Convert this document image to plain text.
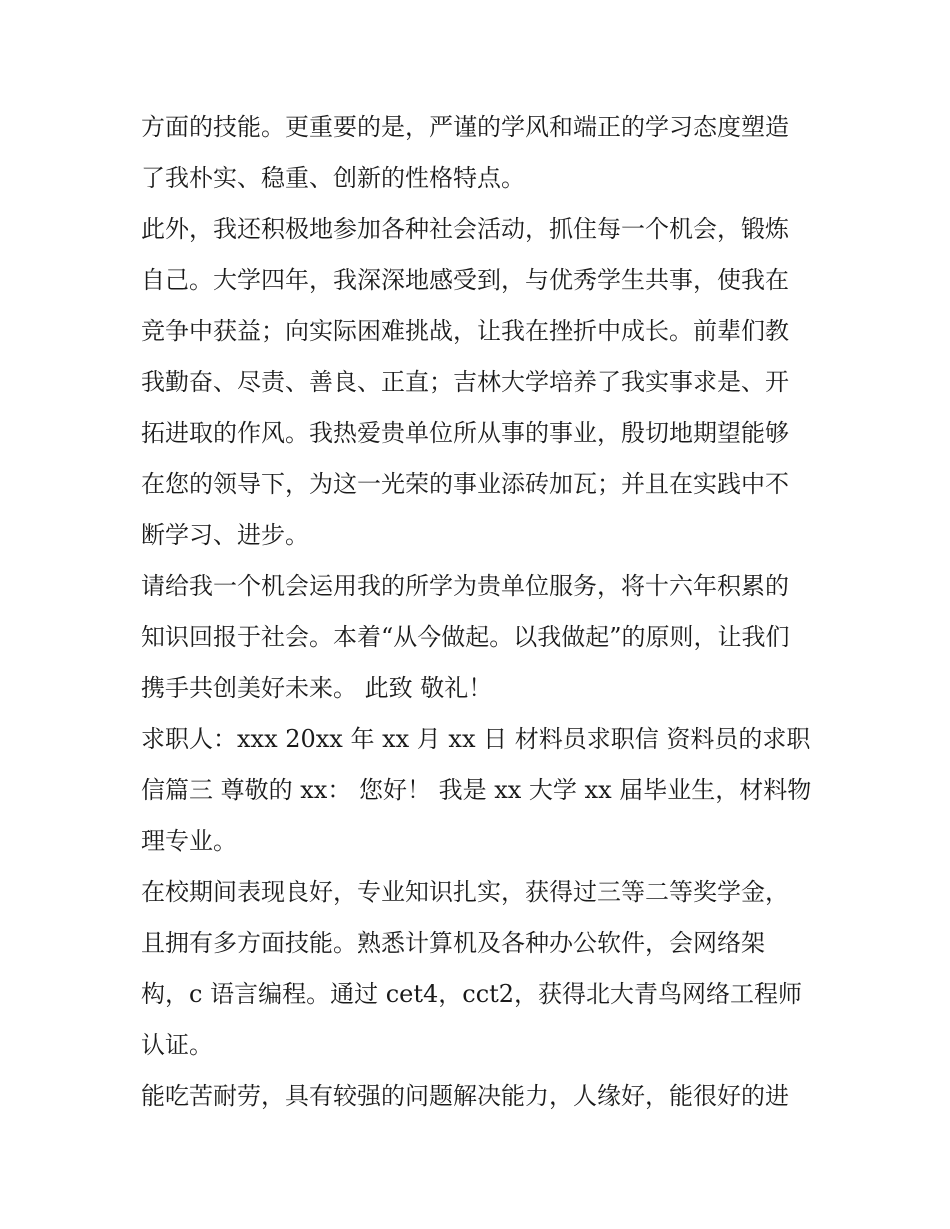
方面的技能。更重要的是，严谨的学风和端正的学习态度塑造
了我朴实、稳重、创新的性格特点。
此外，我还积极地参加各种社会活动，抓住每一个机会，锻炼
自己。大学四年，我深深地感受到，与优秀学生共事，使我在
竞争中获益；向实际困难挑战，让我在挫折中成长。前辈们教
我勤奋、尽责、善良、正直；吉林大学培养了我实事求是、开
拓进取的作风。我热爱贵单位所从事的事业，殷切地期望能够
在您的领导下，为这一光荣的事业添砖加瓦；并且在实践中不
断学习、进步。
请给我一个机会运用我的所学为贵单位服务，将十六年积累的
知识回报于社会。本着“从今做起。以我做起”的原则，让我们
携手共创美好未来。 此致 敬礼！
求职人：xxx 20xx 年 xx 月 xx 日 材料员求职信 资料员的求职
信篇三 尊敬的 xx： 您好！ 我是 xx 大学 xx 届毕业生，材料物
理专业。
在校期间表现良好，专业知识扎实，获得过三等二等奖学金，
且拥有多方面技能。熟悉计算机及各种办公软件，会网络架
构，c 语言编程。通过 cet4，cct2，获得北大青鸟网络工程师
认证。
能吃苦耐劳，具有较强的问题解决能力，人缘好，能很好的进
